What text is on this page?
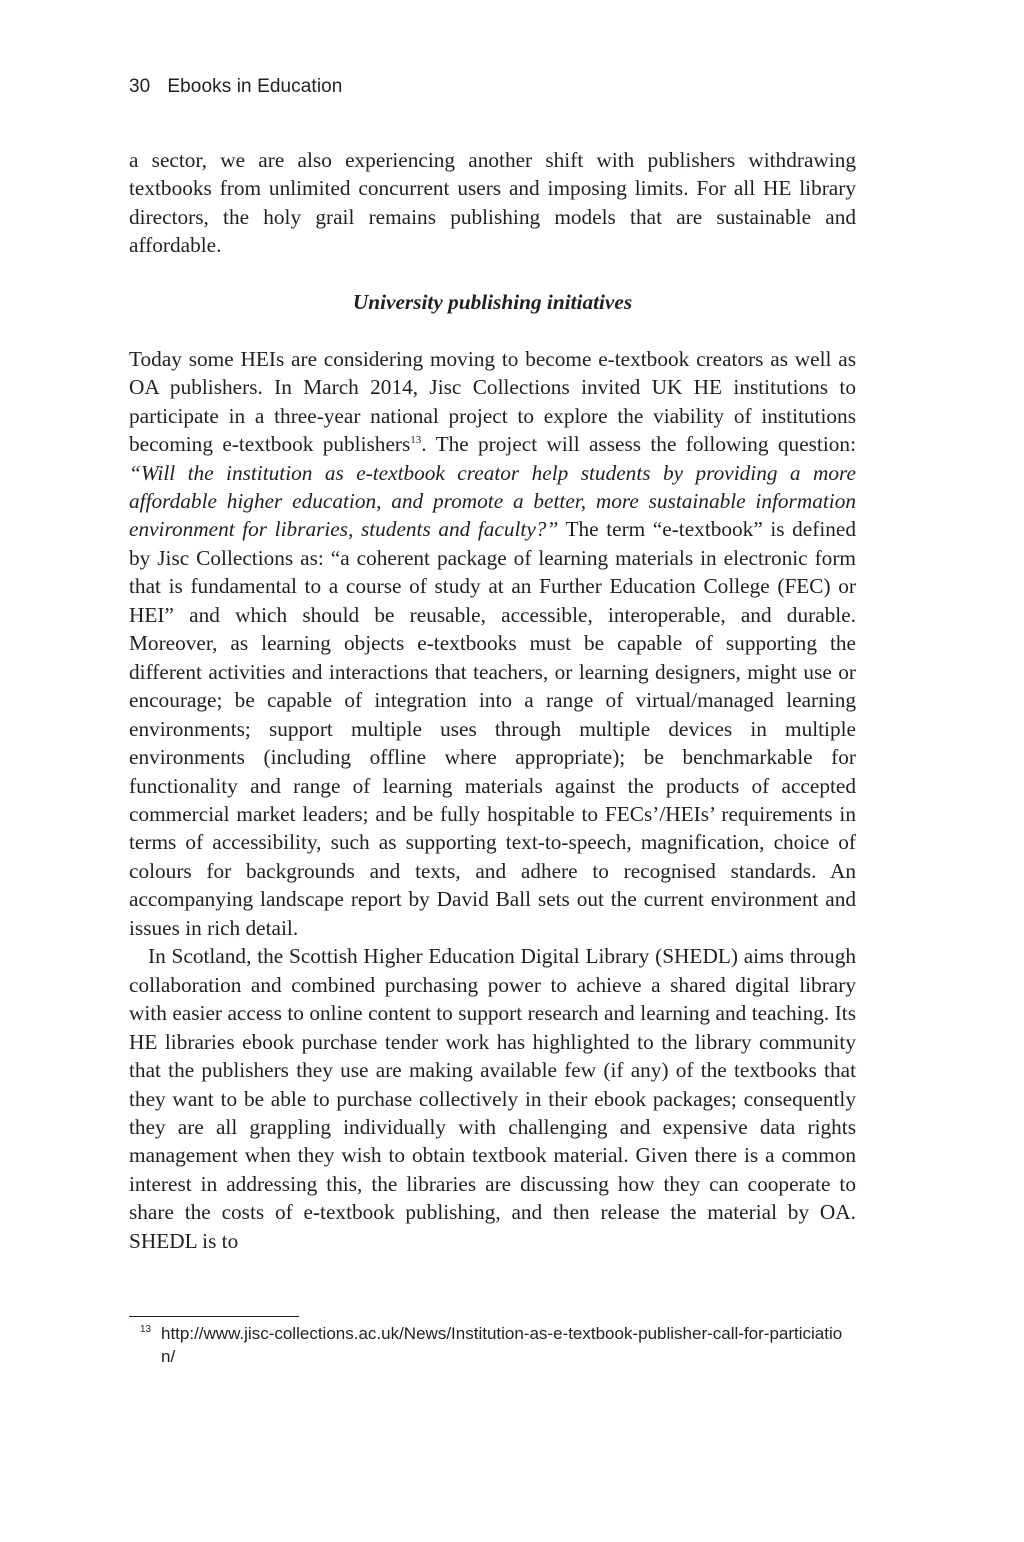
30 Ebooks in Education

a sector, we are also experiencing another shift with publishers withdrawing textbooks from unlimited concurrent users and imposing limits. For all HE library directors, the holy grail remains publishing models that are sustainable and affordable.

University publishing initiatives

Today some HEIs are considering moving to become e-textbook creators as well as OA publishers. In March 2014, Jisc Collections invited UK HE institutions to participate in a three-year national project to explore the viability of institutions becoming e-textbook publishers$^{13}$. The project will assess the following question: “Will the institution as e-textbook creator help students by providing a more affordable higher education, and promote a better, more sustainable information environment for libraries, students and faculty?” The term “e-textbook” is defined by Jisc Collections as: “a coherent package of learning materials in electronic form that is fundamental to a course of study at an Further Education College (FEC) or HEI” and which should be reusable, accessible, interoperable, and durable. Moreover, as learning objects e-textbooks must be capable of supporting the different activities and interactions that teachers, or learning designers, might use or encourage; be capable of integration into a range of virtual/managed learning environments; support multiple uses through multiple devices in multiple environments (including offline where appropriate); be benchmarkable for functionality and range of learning materials against the products of accepted commercial market leaders; and be fully hospitable to FECs’/HEIs’ requirements in terms of accessibility, such as supporting text-to-speech, magnification, choice of colours for backgrounds and texts, and adhere to recognised standards. An accompanying landscape report by David Ball sets out the current environment and issues in rich detail.

In Scotland, the Scottish Higher Education Digital Library (SHEDL) aims through collaboration and combined purchasing power to achieve a shared digital library with easier access to online content to support research and learning and teaching. Its HE libraries ebook purchase tender work has highlighted to the library community that the publishers they use are making available few (if any) of the textbooks that they want to be able to purchase collectively in their ebook packages; consequently they are all grappling individually with challenging and expensive data rights management when they wish to obtain textbook material. Given there is a common interest in addressing this, the libraries are discussing how they can cooperate to share the costs of e-textbook publishing, and then release the material by OA. SHEDL is to

13 http://www.jisc-collections.ac.uk/News/Institution-as-e-textbook-publisher-call-for-particiation/
